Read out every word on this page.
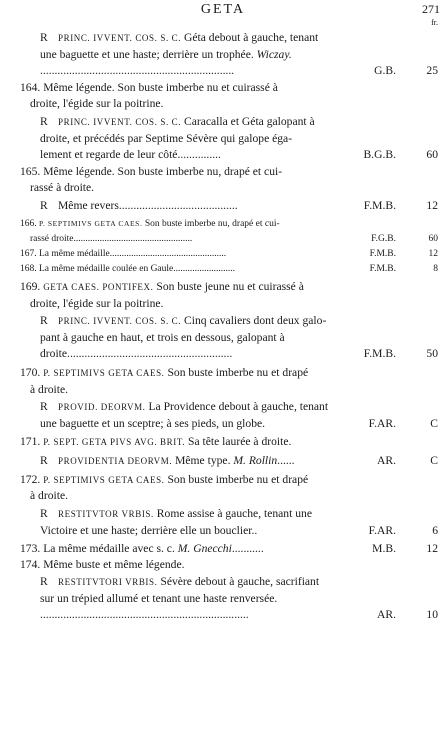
GETA	271
fr.
R PRINC. IVVENT. COS. S. C. Géta debout à gauche, tenant
une baguette et une haste; derrière un trophée. Wiczay.
...................................................................	G.B.	25
164. Même légende. Son buste imberbe nu et cuirassé à
droite, l'égide sur la poitrine.
R PRINC. IVVENT. COS. S. C. Caracalla et Géta galopant à
droite, et précédés par Septime Sévère qui galope éga-
lement et regarde de leur côté...............	B.G.B.	60
165. Même légende. Son buste imberbe nu, drapé et cui-
rassé à droite.
R Même revers.........................................	F.M.B.	12
166. P. SEPTIMIVS GETA CAES. Son buste imberbe nu, drapé et cui-
rassé droite..................................................	F.G.B.	60
167. La même médaille.................................................	F.M.B.	12
168. La même médaille coulée en Gaule..........................	F.M.B.	8
169. GETA CAES. PONTIFEX. Son buste jeune nu et cuirassé à
droite, l'égide sur la poitrine.
R PRINC. IVVENT. COS. S. C. Cinq cavaliers dont deux galo-
pant à gauche en haut, et trois en dessous, galopant à
droite.........................................................	F.M.B.	50
170. P. SEPTIMIVS GETA CAES. Son buste imberbe nu et drapé
à droite.
R PROVID. DEORVM. La Providence debout à gauche, tenant
une baguette et un sceptre; à ses pieds, un globe.	F.AR.	C
171. P. SEPT. GETA PIVS AVG. BRIT. Sa tête laurée à droite.
R PROVIDENTIA DEORVM. Même type. M. Rollin......	AR.	C
172. P. SEPTIMIVS GETA CAES. Son buste imberbe nu et drapé
à droite.
R RESTITVTOR VRBIS. Rome assise à gauche, tenant une
Victoire et une haste; derrière elle un bouclier..	F.AR.	6
173. La même médaille avec s. c. M. Gnecchi...........	M.B.	12
174. Même buste et même légende.
R RESTITVTORI VRBIS. Sévère debout à gauche, sacrifiant
sur un trépied allumé et tenant une haste renversée.
........................................................................	AR.	10
